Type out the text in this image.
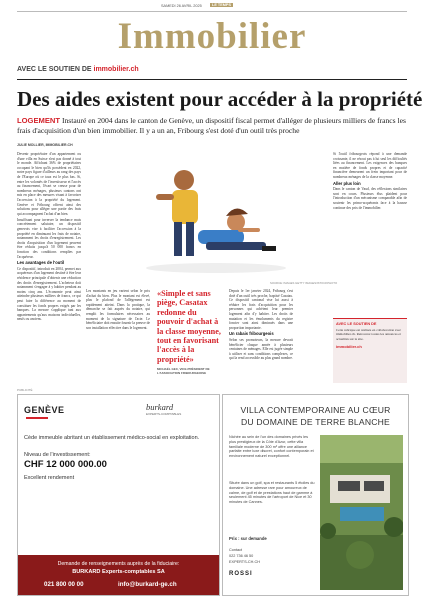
SAMEDI 26 AVRIL 2025	LE TEMPS
Immobilier
AVEC LE SOUTIEN DE immobilier.ch
Des aides existent pour accéder à la propriété
LOGEMENT Instauré en 2004 dans le canton de Genève, un dispositif fiscal permet d'alléger de plusieurs milliers de francs les frais d'acquisition d'un bien immobilier. Il y a un an, Fribourg s'est doté d'un outil très proche
JULIE MOLLIER, IMMOBILIER.CH

Devenir propriétaire d'un appartement ou d'une villa en Suisse n'est pas donné à tout le monde. Affichant 36% de propriétaires occupant le bien qu'ils possèdent en 2022, notre pays figure d'ailleurs au rang des pays de l'Europe où ce taux est le plus bas. Si, entre les volontés de l'investisseur et l'accès au financement, l'écart se creuse pour de nombreux ménages, plusieurs cantons ont mis en place des mesures visant à favoriser l'accession à la propriété du logement. Genève et Fribourg offrent ainsi des solutions pour alléger une partie des frais qui accompagnent l'achat d'un bien.

Insuffisant pour inverser la tendance mais concrètement salutaire, un dispositif genevois vise à faciliter l'accession à la propriété en diminuant les frais de notaire, notamment les droits d'enregistrement. Les droits d'acquisition d'un logement peuvent être réduits jusqu'à 50 000 francs en fonction des conditions remplies par l'acquéreur.

Les avantages de l'outil

Ce dispositif, introduit en 2004, permet aux acquéreurs d'un logement destiné à être leur résidence principale d'obtenir une réduction des droits d'enregistrement. L'acheteur doit notamment s'engager à y habiter pendant au moins cinq ans. L'économie peut ainsi atteindre plusieurs milliers de francs, ce qui peut faire la différence au moment de constituer les fonds propres exigés par les banques. La mesure s'applique tant aux appartements qu'aux maisons individuelles, neufs ou anciens.

SOURCE: IMAGES GETTY IMAGES/ISTOCKPHOTO

Les montants en jeu varient selon le prix d'achat du bien. Plus le montant est élevé, plus le plafond de l'allégement est rapidement atteint. Dans la pratique, la démarche se fait auprès du notaire, qui remplit les formulaires nécessaires au moment de la signature de l'acte. Le bénéficiaire doit ensuite fournir la preuve de son installation effective dans le logement.

«Simple et sans piège, Casatax redonne du pouvoir d'achat à la classe moyenne, tout en favorisant l'accès à la propriété»
MICHAËL GEX, VICE-PRÉSIDENT DE L'ASSOCIATION FRIBOURGEOISE

Depuis le 1er janvier 2024, Fribourg s'est doté d'un outil très proche, baptisé Casatax. Ce dispositif cantonal vise lui aussi à réduire les frais d'acquisition pour les personnes qui achètent leur premier logement afin d'y habiter. Les droits de mutation et les émoluments du registre foncier sont ainsi diminués dans une proportion importante.

Un rabais fribourgeois

Selon ses promoteurs, la mesure devrait bénéficier chaque année à plusieurs centaines de ménages. Elle est jugée simple à utiliser et sans conditions complexes, ce qui la rend accessible au plus grand nombre.

Si l'outil fribourgeois répond à une demande croissante, il ne résout pas à lui seul les difficultés liées au financement. Les exigences des banques en matière de fonds propres et de capacité financière demeurent un frein important pour de nombreux ménages de la classe moyenne.

Aller plus loin

Dans le canton de Vaud, des réflexions similaires sont en cours. Plusieurs élus plaident pour l'introduction d'un mécanisme comparable afin de soutenir les primo-acquérants face à la hausse continue des prix de l'immobilier.

AVEC LE SOUTIEN DE
Cette rubrique est réalisée en collaboration avec immobilier.ch. Retrouvez toutes les annonces et actualités sur le site.
immobilier.ch
PUBLICITÉ
GENÈVE	burkard
EXPERTS-COMPTABLES
Cède immeuble abritant un établissement médico-social en exploitation.
Niveau de l'investissement:
CHF 12 000 000.00
Excellent rendement
Demande de renseignements auprès de la fiduciaire:
BURKARD Experts-comptables SA
021 800 00 00	info@burkard-ge.ch
VILLA CONTEMPORAINE AU CŒUR
DU DOMAINE DE TERRE BLANCHE
Nichée au sein de l'un des domaines privés les plus prestigieux de la Côte d'Azur, cette villa familiale moderne de 300 m² offre une alliance parfaite entre luxe discret, confort contemporain et environnement naturel exceptionnel.
Située dans un golf, spa et restaurants 5 étoiles du domaine. Une adresse rare pour amoureux de calme, de golf et de prestations haut de gamme à seulement 45 minutes de l'aéroport de Nice et 30 minutes de Cannes.
Prix : sur demande
Contact
022 736 46 50
EXPERTS-CH.CH
ROSSI
